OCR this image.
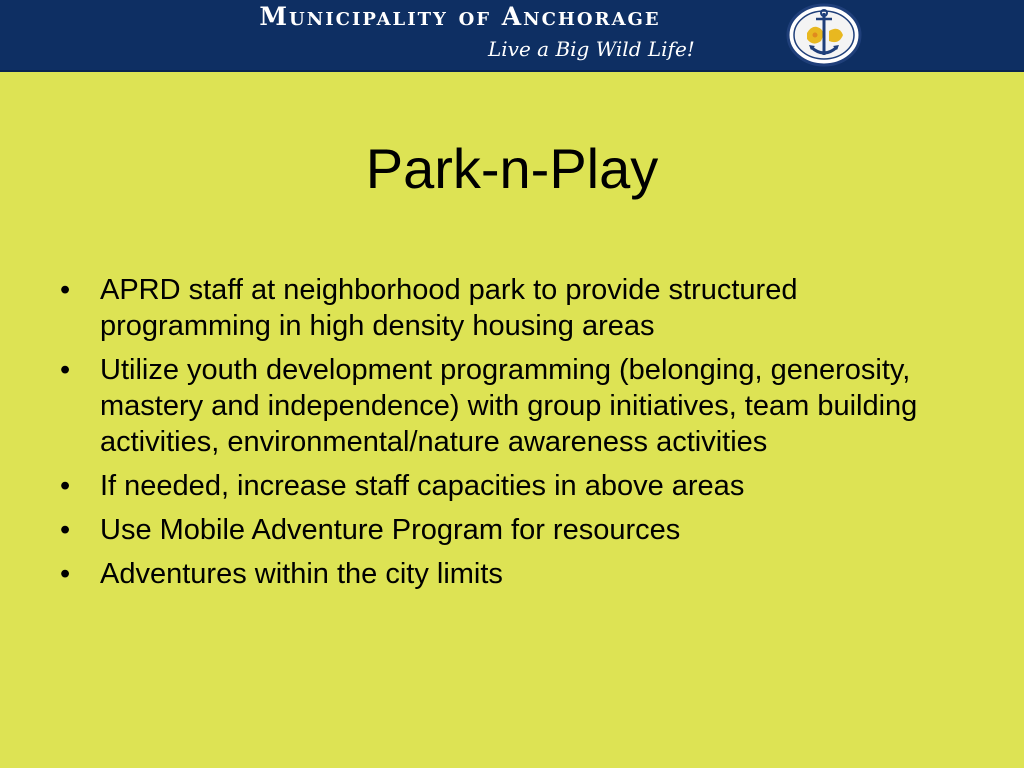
Municipality of Anchorage
Live a Big Wild Life!
Park-n-Play
• APRD staff at neighborhood park to provide structured programming in high density housing areas
• Utilize youth development programming (belonging, generosity, mastery and independence) with group initiatives, team building activities, environmental/nature awareness activities
• If needed, increase staff capacities in above areas
• Use Mobile Adventure Program for resources
• Adventures within the city limits
